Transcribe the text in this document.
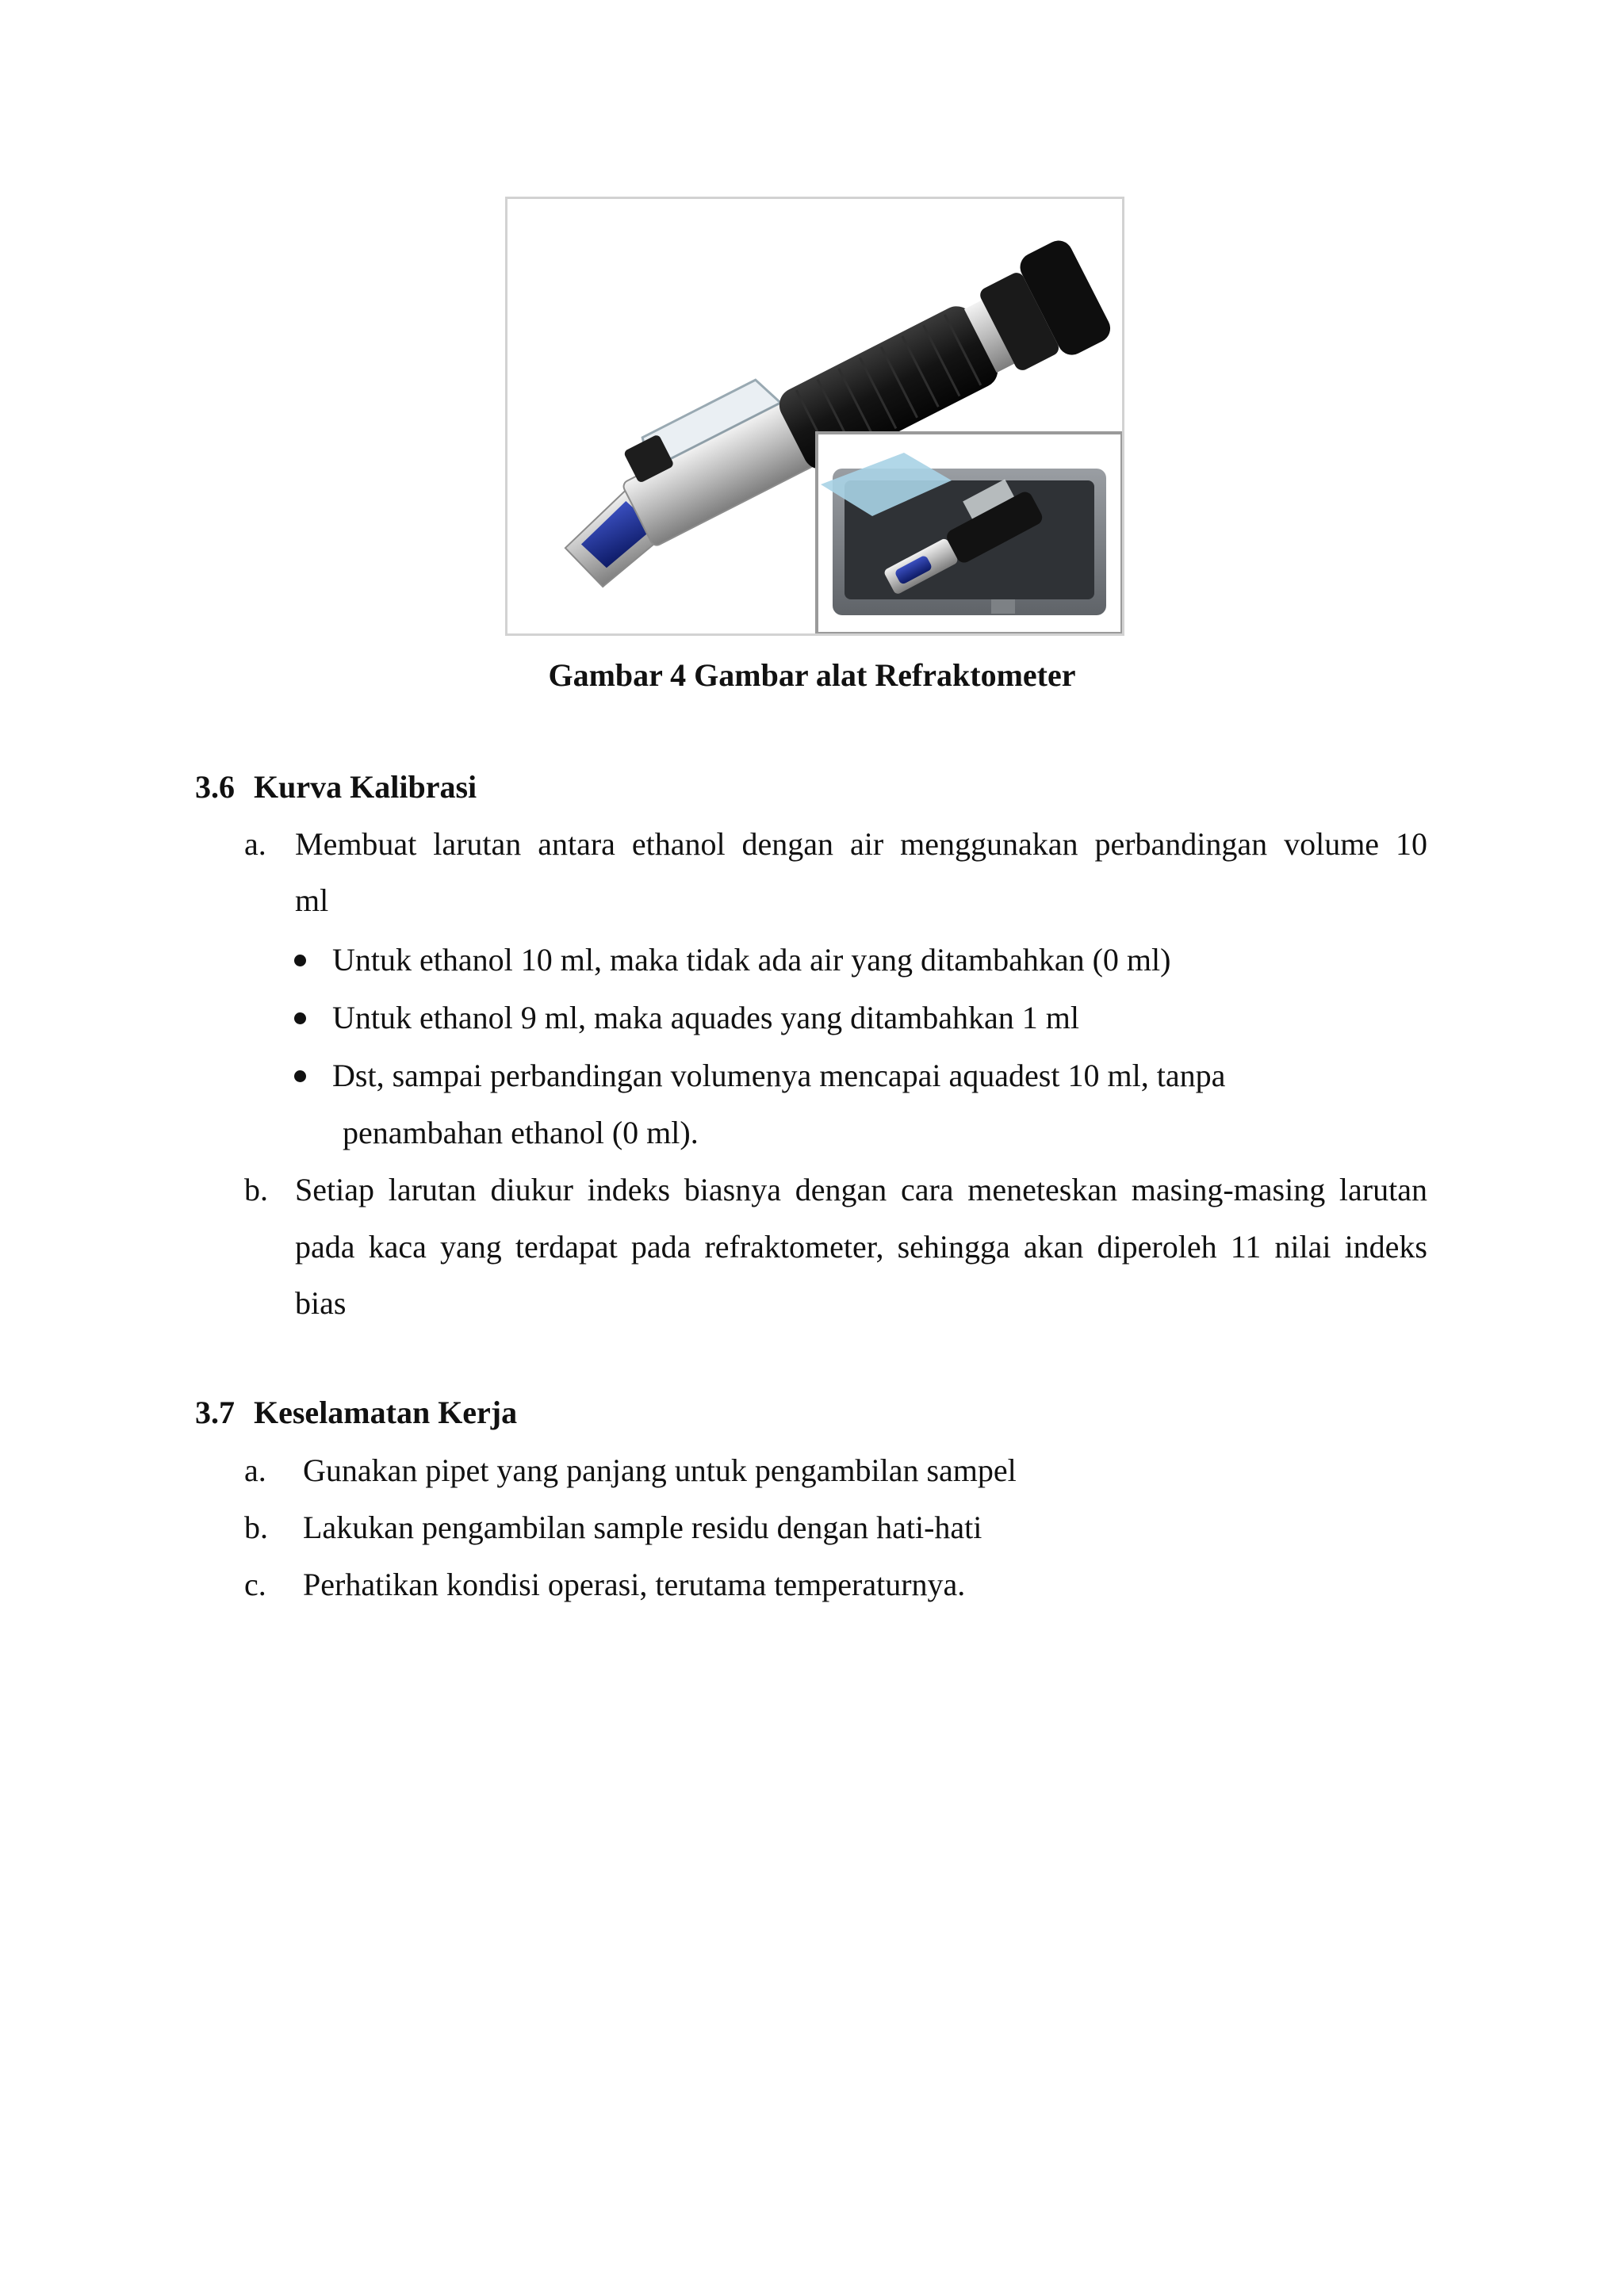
Gambar 4 Gambar alat Refraktometer
3.6 Kurva Kalibrasi
a. Membuat larutan antara ethanol dengan air menggunakan perbandingan volume 10
ml
Untuk ethanol 10 ml, maka tidak ada air yang ditambahkan (0 ml)
Untuk ethanol 9 ml, maka aquades yang ditambahkan 1 ml
Dst, sampai perbandingan volumenya mencapai aquadest 10 ml, tanpa
penambahan ethanol (0 ml).
b. Setiap larutan diukur indeks biasnya dengan cara meneteskan masing-masing larutan
pada kaca yang terdapat pada refraktometer, sehingga akan diperoleh 11 nilai indeks
bias
3.7 Keselamatan Kerja
a. Gunakan pipet yang panjang untuk pengambilan sampel
b. Lakukan pengambilan sample residu dengan hati-hati
c. Perhatikan kondisi operasi, terutama temperaturnya.
